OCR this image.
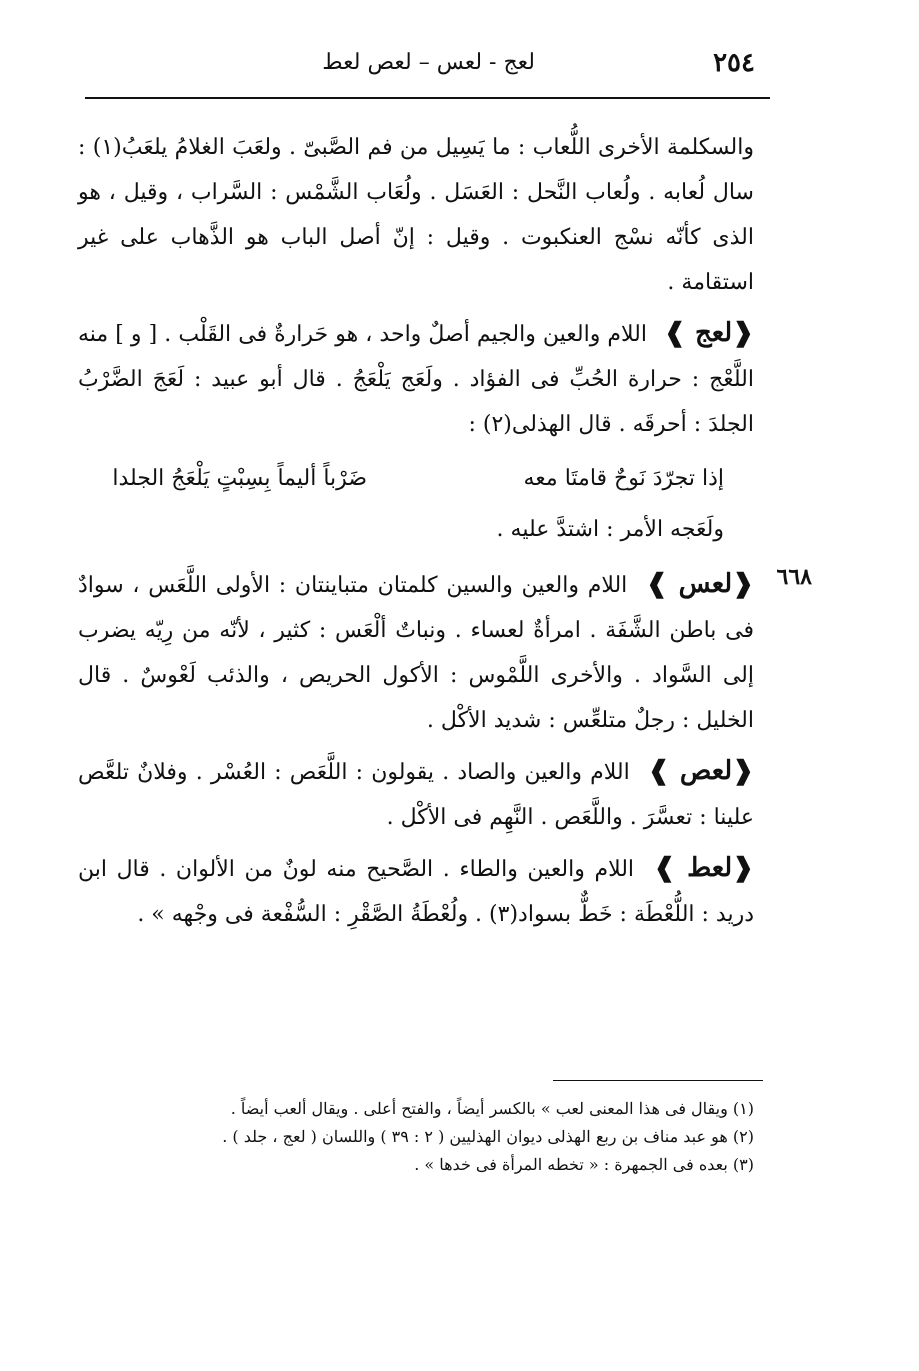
٢٥٤
لعج - لعس – لعص لعط

والسكلمة الأخرى اللُّعاب : ما يَسِيل من فم الصَّبىّ . ولعَبَ الغلامُ يلعَبُ(١) : سال لُعابه . ولُعاب النَّحل : العَسَل . ولُعَاب الشَّمْس : السَّراب ، وقيل ، هو الذى كأنّه نسْج العنكبوت . وقيل : إنّ أصل الباب هو الذَّهاب على غير استقامة .

❰ لعج ❱ اللام والعين والجيم أصلٌ واحد ، هو حَرارةٌ فى القَلْب . [ و ] منه اللَّعْج : حرارة الحُبِّ فى الفؤاد . ولَعَج يَلْعَجُ . قال أبو عبيد : لَعَجَ الضَّرْبُ الجلدَ : أحرقَه . قال الهذلى(٢) :

إذا تجرّدَ نَوحٌ قامتَا معه ضَرْباً أليماً بِسِبْتٍ يَلْعَجُ الجلدا

ولَعَجه الأمر : اشتدَّ عليه .

٦٦٨

❰ لعس ❱ اللام والعين والسين كلمتان متباينتان : الأولى اللَّعَس ، سوادٌ فى باطن الشَّفَة . امرأةٌ لعساء . ونباتٌ ألْعَس : كثير ، لأنّه من رِيّه يضرب إلى السَّواد . والأخرى اللَّمْوس : الأكول الحريص ، والذئب لَعْوسٌ . قال الخليل : رجلٌ متلعِّس : شديد الأكْل .

❰ لعص ❱ اللام والعين والصاد . يقولون : اللَّعَص : العُسْر . وفلانٌ تلعَّص علينا : تعسَّرَ . واللَّعَص . النَّهِم فى الأكْل .

❰ لعط ❱ اللام والعين والطاء . الصَّحيح منه لونٌ من الألوان . قال ابن دريد : اللُّعْطَة : خَطٌّ بسواد(٣) . ولُعْطَةُ الصَّقْرِ : السُّفْعة فى وجْهه » .

(١) ويقال فى هذا المعنى لعب » بالكسر أيضاً ، والفتح أعلى . ويقال ألعب أيضاً .

(٢) هو عبد مناف بن ربع الهذلى ديوان الهذليين ( ٢ : ٣٩ ) واللسان ( لعج ، جلد ) .

(٣) بعده فى الجمهرة : « تخطه المرأة فى خدها » .
